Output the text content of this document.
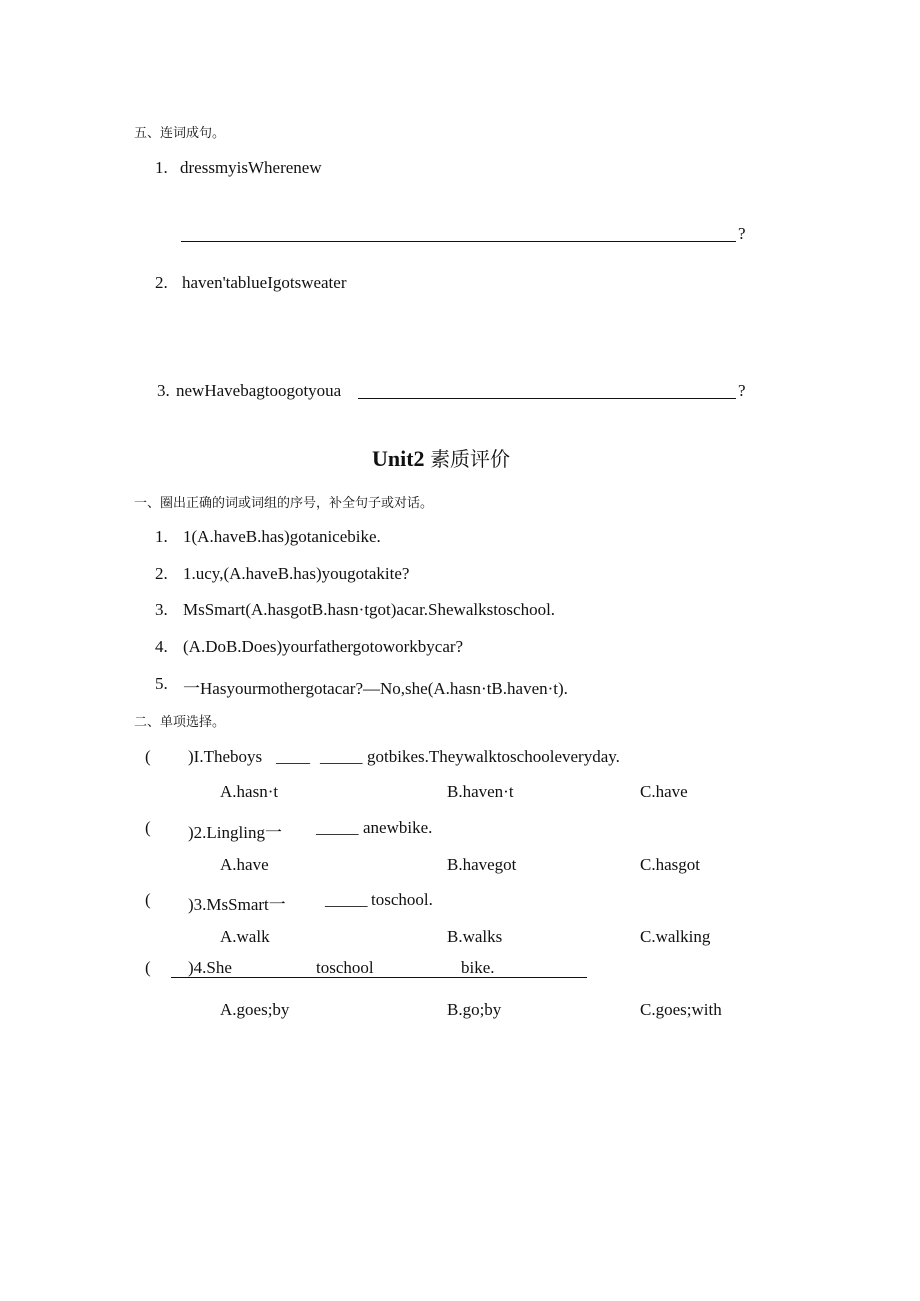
五、连词成句。
1. dressmyisWherenew
?
2. haven'tablueIgotsweater
3. newHavebagtoogotyoua	?
Unit2 素质评价
一、圈出正确的词或词组的序号，补全句子或对话。
1. 1(A.haveB.has)gotanicebike.
2. 1.ucy,(A.haveB.has)yougotakite?
3. MsSmart(A.hasgotB.hasn·tgot)acar.Shewalkstoschool.
4. (A.DoB.Does)yourfathergotoworkbycar?
5. 一Hasyourmothergotacar?—No,she(A.hasn·tB.haven·t).
二、单项选择。
( )I.Theboys ____ _____ gotbikes.Theywalktoschooleveryday.
A.hasn·t	B.haven·t	C.have
( )2.Lingling一 _____ anewbike.
A.have	B.havegot	C.hasgot
( )3.MsSmart一 _____ toschool.
A.walk	B.walks	C.walking
( )4.She	toschool	bike.
A.goes;by	B.go;by	C.goes;with
